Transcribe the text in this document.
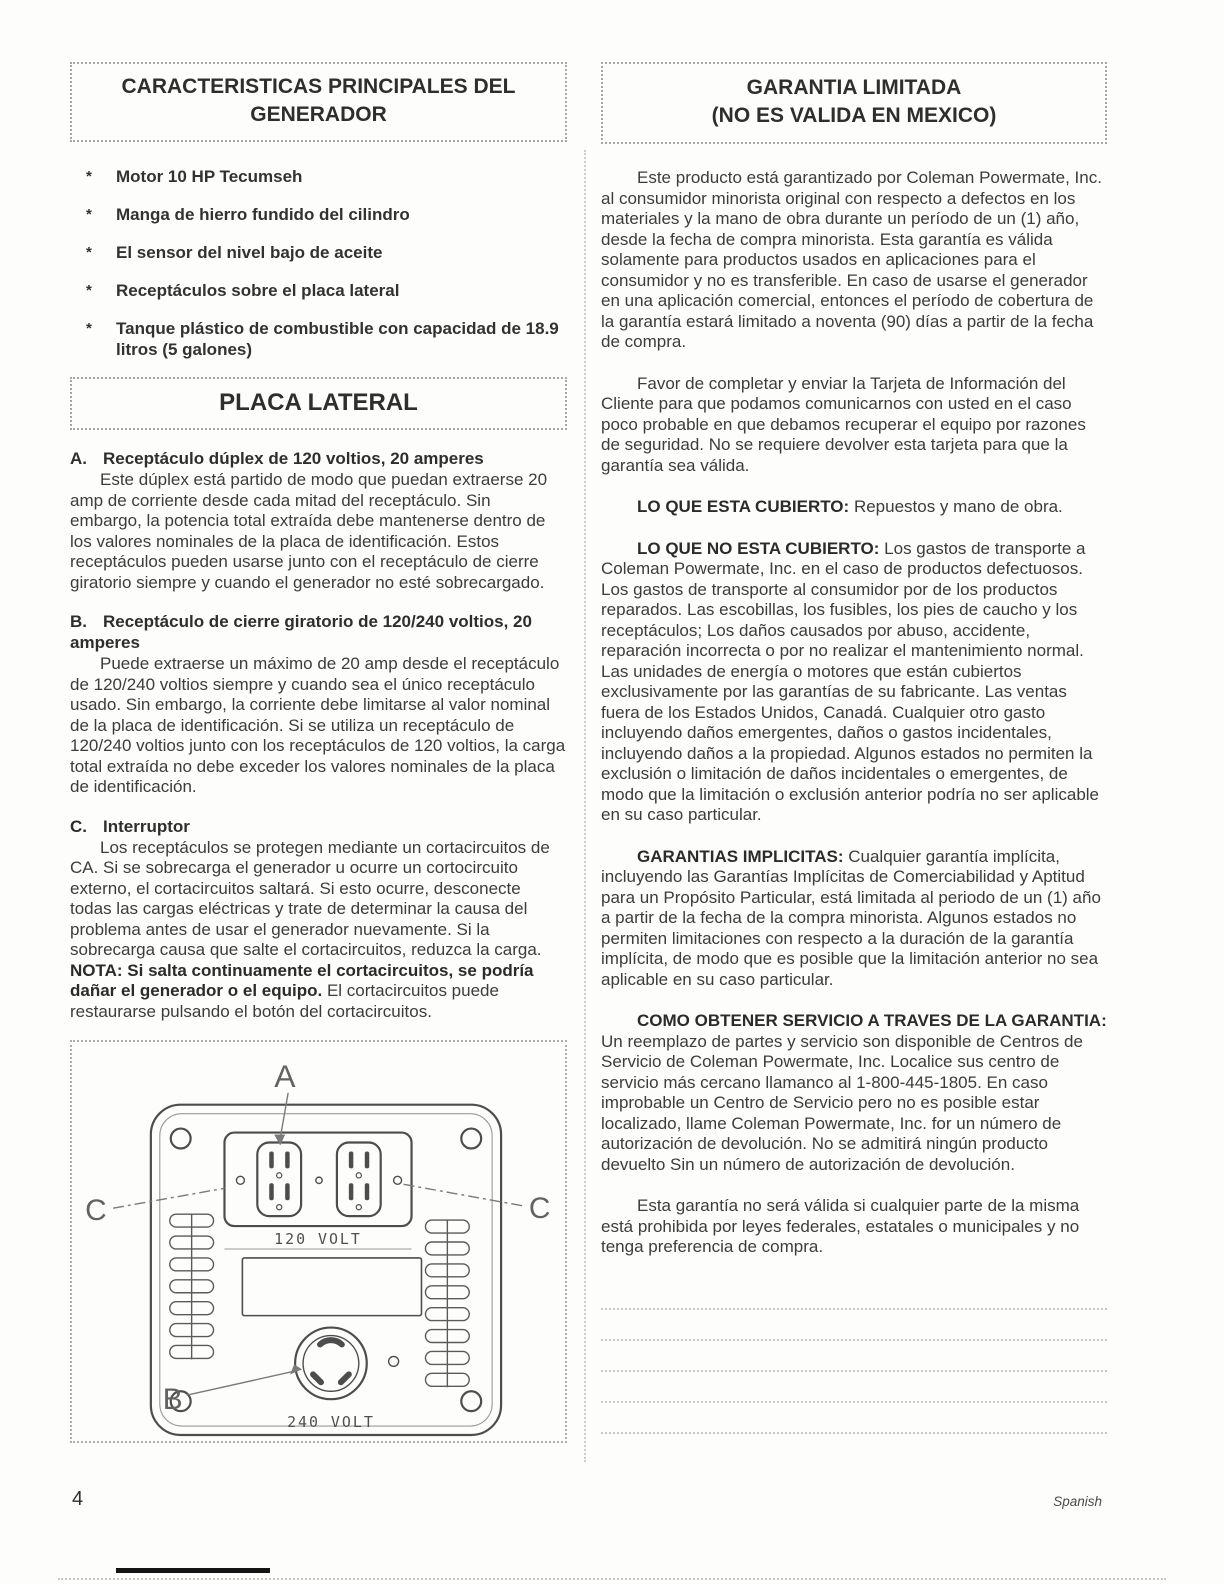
CARACTERISTICAS PRINCIPALES DEL
GENERADOR
*	Motor 10 HP Tecumseh
*	Manga de hierro fundido del cilindro
*	El sensor del nivel bajo de aceite
*	Receptáculos sobre el placa lateral
*	Tanque plástico de combustible con capacidad de 18.9 litros (5 galones)
PLACA LATERAL
A. Receptáculo dúplex de 120 voltios, 20 amperes

Este dúplex está partido de modo que puedan extraerse 20 amp de corriente desde cada mitad del receptáculo. Sin embargo, la potencia total extraída debe mantenerse dentro de los valores nominales de la placa de identificación. Estos receptáculos pueden usarse junto con el receptáculo de cierre giratorio siempre y cuando el generador no esté sobrecargado.

B. Receptáculo de cierre giratorio de 120/240 voltios, 20 amperes

Puede extraerse un máximo de 20 amp desde el receptáculo de 120/240 voltios siempre y cuando sea el único receptáculo usado. Sin embargo, la corriente debe limitarse al valor nominal de la placa de identificación. Si se utiliza un receptáculo de 120/240 voltios junto con los receptáculos de 120 voltios, la carga total extraída no debe exceder los valores nominales de la placa de identificación.

C. Interruptor

Los receptáculos se protegen mediante un cortacircuitos de CA. Si se sobrecarga el generador u ocurre un cortocircuito externo, el cortacircuitos saltará. Si esto ocurre, desconecte todas las cargas eléctricas y trate de determinar la causa del problema antes de usar el generador nuevamente. Si la sobrecarga causa que salte el cortacircuitos, reduzca la carga. NOTA: Si salta continuamente el cortacircuitos, se podría dañar el generador o el equipo. El cortacircuitos puede restaurarse pulsando el botón del cortacircuitos.

A
C	C
B
120 VOLT
240 VOLT
GARANTIA LIMITADA
(NO ES VALIDA EN MEXICO)

Este producto está garantizado por Coleman Powermate, Inc. al consumidor minorista original con respecto a defectos en los materiales y la mano de obra durante un período de un (1) año, desde la fecha de compra minorista. Esta garantía es válida solamente para productos usados en aplicaciones para el consumidor y no es transferible. En caso de usarse el generador en una aplicación comercial, entonces el período de cobertura de la garantía estará limitado a noventa (90) días a partir de la fecha de compra.

Favor de completar y enviar la Tarjeta de Información del Cliente para que podamos comunicarnos con usted en el caso poco probable en que debamos recuperar el equipo por razones de seguridad. No se requiere devolver esta tarjeta para que la garantía sea válida.

LO QUE ESTA CUBIERTO: Repuestos y mano de obra.

LO QUE NO ESTA CUBIERTO: Los gastos de transporte a Coleman Powermate, Inc. en el caso de productos defectuosos. Los gastos de transporte al consumidor por de los productos reparados. Las escobillas, los fusibles, los pies de caucho y los receptáculos; Los daños causados por abuso, accidente, reparación incorrecta o por no realizar el mantenimiento normal. Las unidades de energía o motores que están cubiertos exclusivamente por las garantías de su fabricante. Las ventas fuera de los Estados Unidos, Canadá. Cualquier otro gasto incluyendo daños emergentes, daños o gastos incidentales, incluyendo daños a la propiedad. Algunos estados no permiten la exclusión o limitación de daños incidentales o emergentes, de modo que la limitación o exclusión anterior podría no ser aplicable en su caso particular.

GARANTIAS IMPLICITAS: Cualquier garantía implícita, incluyendo las Garantías Implícitas de Comerciabilidad y Aptitud para un Propósito Particular, está limitada al periodo de un (1) año a partir de la fecha de la compra minorista. Algunos estados no permiten limitaciones con respecto a la duración de la garantía implícita, de modo que es posible que la limitación anterior no sea aplicable en su caso particular.

COMO OBTENER SERVICIO A TRAVES DE LA GARANTIA: Un reemplazo de partes y servicio son disponible de Centros de Servicio de Coleman Powermate, Inc. Localice sus centro de servicio más cercano llamanco al 1-800-445-1805. En caso improbable un Centro de Servicio pero no es posible estar localizado, llame Coleman Powermate, Inc. for un número de autorización de devolución. No se admitirá ningún producto devuelto Sin un número de autorización de devolución.

Esta garantía no será válida si cualquier parte de la misma está prohibida por leyes federales, estatales o municipales y no tenga preferencia de compra.

4	Spanish
